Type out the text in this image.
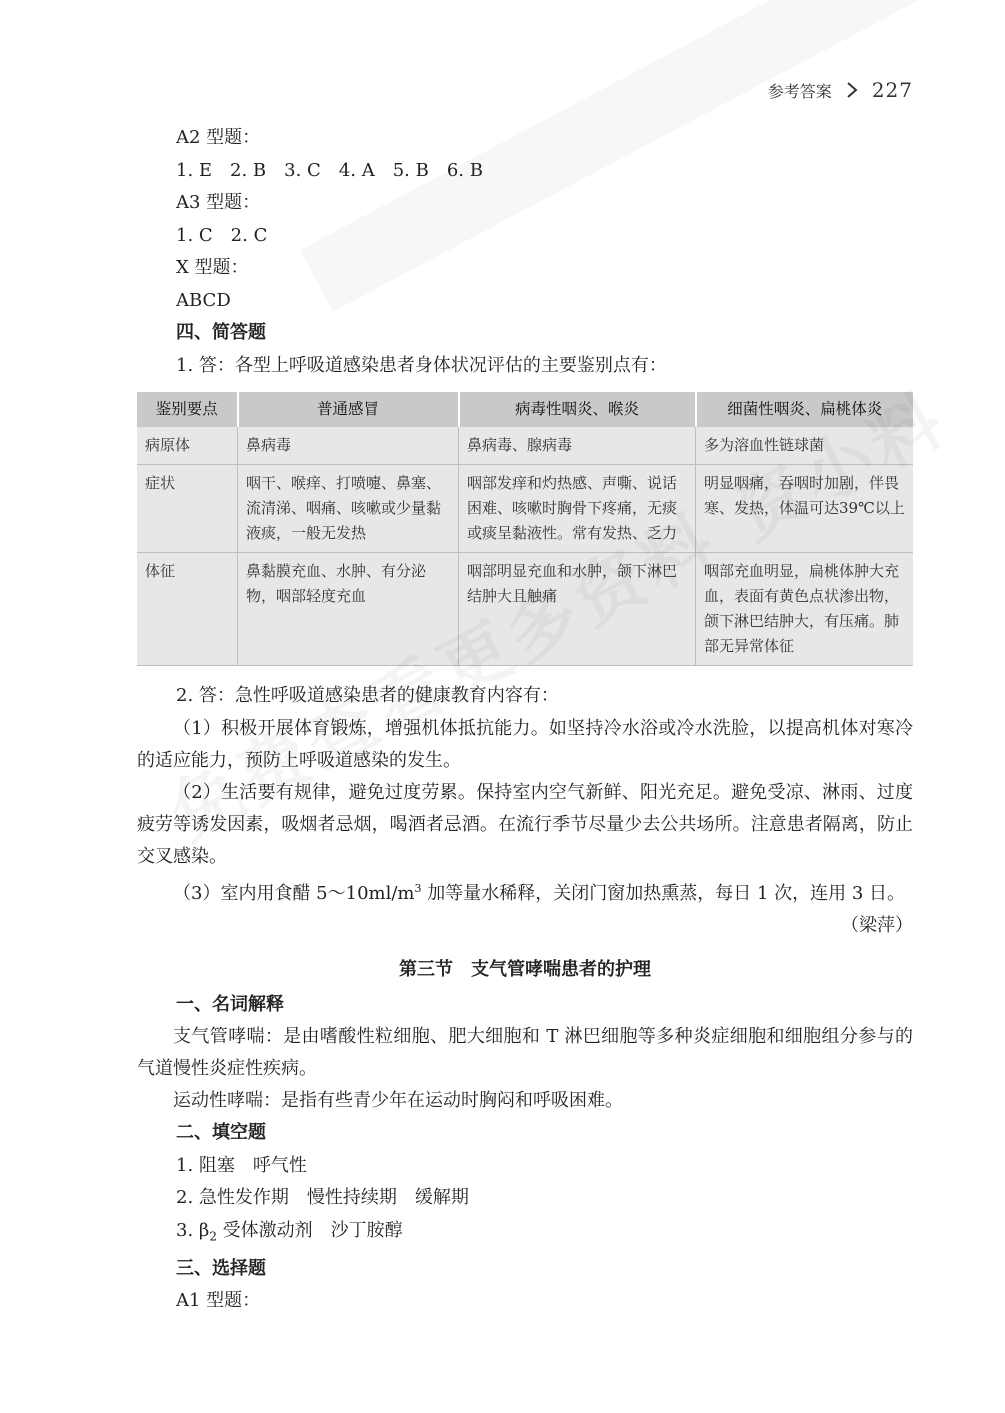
参考答案 227

A2 型题：

1. E　2. B　3. C　4. A　5. B　6. B

A3 型题：

1. C　2. C

X 型题：

ABCD

四、简答题

1. 答：各型上呼吸道感染患者身体状况评估的主要鉴别点有：

鉴别要点	普通感冒	病毒性咽炎、喉炎	细菌性咽炎、扁桃体炎
病原体	鼻病毒	鼻病毒、腺病毒	多为溶血性链球菌
症状	咽干、喉痒、打喷嚏、鼻塞、流清涕、咽痛、咳嗽或少量黏液痰，一般无发热	咽部发痒和灼热感、声嘶、说话困难、咳嗽时胸骨下疼痛，无痰或痰呈黏液性。常有发热、乏力	明显咽痛，吞咽时加剧，伴畏寒、发热，体温可达39℃以上
体征	鼻黏膜充血、水肿、有分泌物，咽部轻度充血	咽部明显充血和水肿，颌下淋巴结肿大且触痛	咽部充血明显，扁桃体肿大充血，表面有黄色点状渗出物，颌下淋巴结肿大，有压痛。肺部无异常体征

2. 答：急性呼吸道感染患者的健康教育内容有：

（1）积极开展体育锻炼，增强机体抵抗能力。如坚持冷水浴或冷水洗脸，以提高机体对寒冷的适应能力，预防上呼吸道感染的发生。

（2）生活要有规律，避免过度劳累。保持室内空气新鲜、阳光充足。避免受凉、淋雨、过度疲劳等诱发因素，吸烟者忌烟，喝酒者忌酒。在流行季节尽量少去公共场所。注意患者隔离，防止交叉感染。

（3）室内用食醋 $5\sim 10ml/m^3$ 加等量水稀释，关闭门窗加热熏蒸，每日 1 次，连用 3 日。

（梁萍）

第三节　支气管哮喘患者的护理

一、名词解释

支气管哮喘：是由嗜酸性粒细胞、肥大细胞和 T 淋巴细胞等多种炎症细胞和细胞组分参与的气道慢性炎症性疾病。

运动性哮喘：是指有些青少年在运动时胸闷和呼吸困难。

二、填空题

1. 阻塞　呼气性

2. 急性发作期　慢性持续期　缓解期

3. $\beta_2$ 受体激动剂　沙丁胺醇

三、选择题

A1 型题：
